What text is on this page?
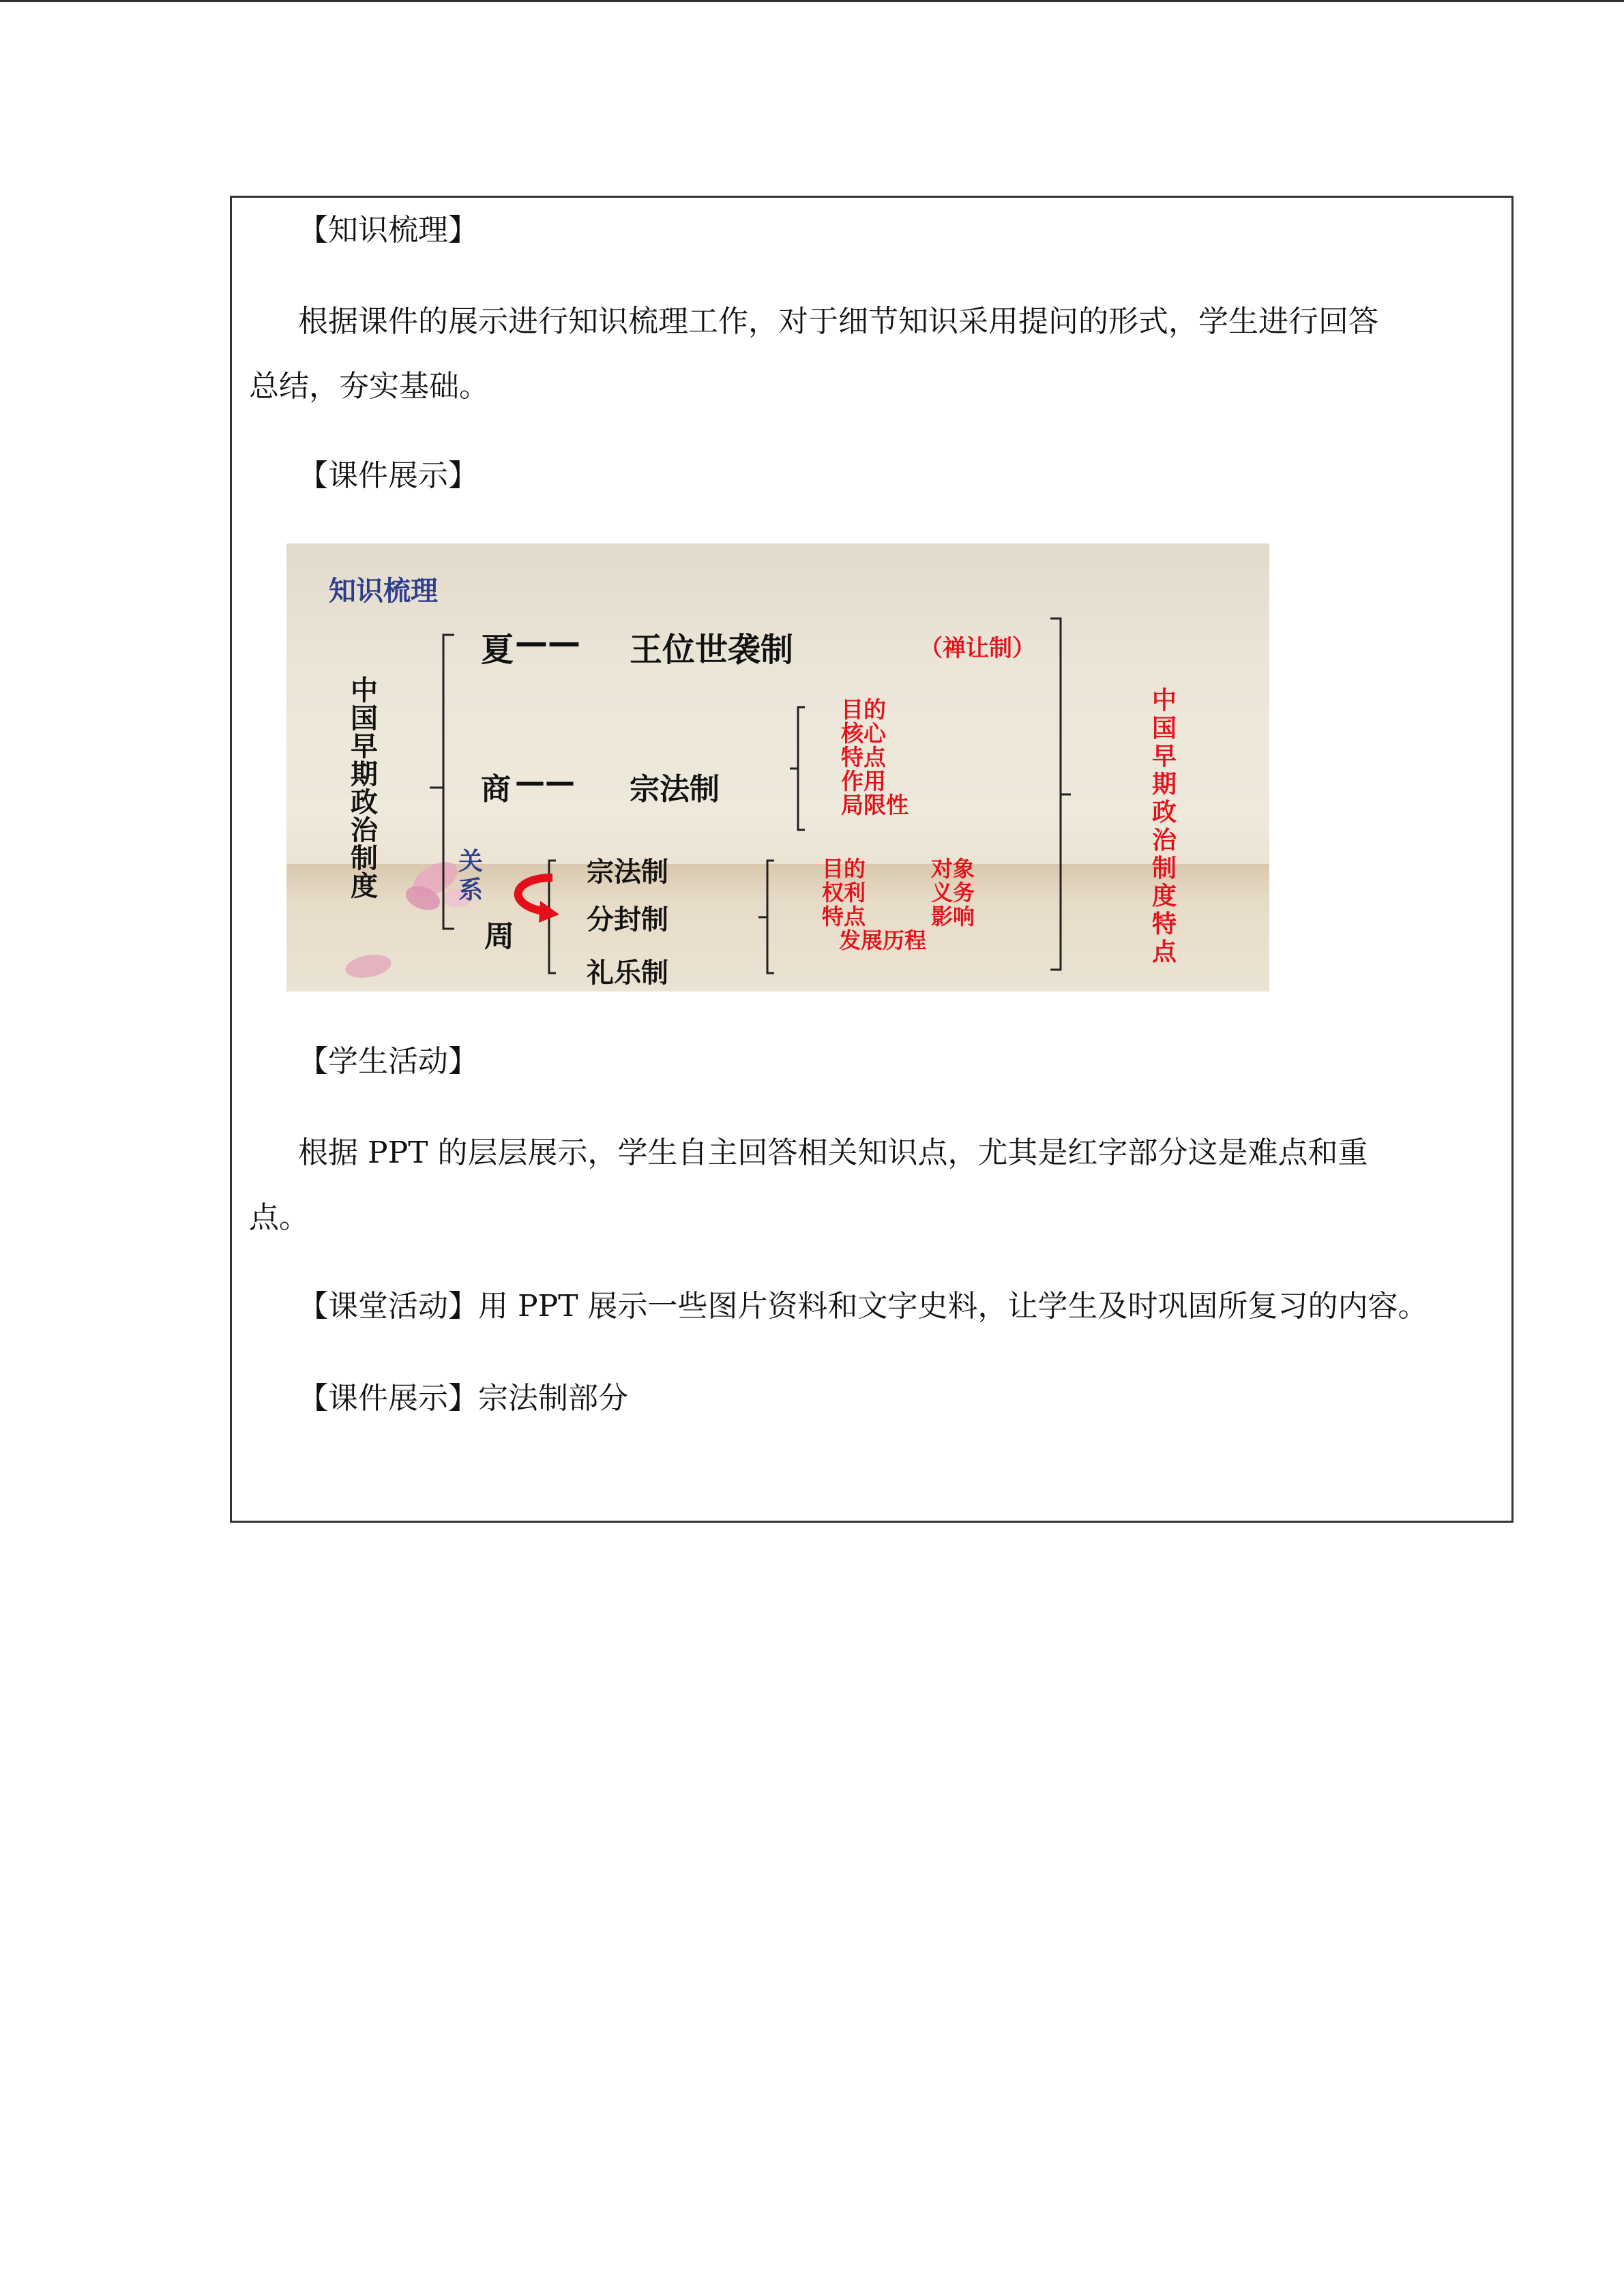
【知识梳理】

根据课件的展示进行知识梳理工作，对于细节知识采用提问的形式，学生进行回答

总结，夯实基础。

【课件展示】

【学生活动】

根据 PPT 的层层展示，学生自主回答相关知识点，尤其是红字部分这是难点和重

点。

【课堂活动】用 PPT 展示一些图片资料和文字史料，让学生及时巩固所复习的内容。

【课件展示】宗法制部分

知识梳理

中
国
早
期
政
治
制
度

夏 —— 王位世袭制	（禅让制）

商 —— 宗法制

目的
核心
特点
作用
局限性
关
系

周

宗法制

分封制

礼乐制

目的	对象

权利	义务

特点	影响

发展历程

中
国
早
期
政
治
制
度
特
点
